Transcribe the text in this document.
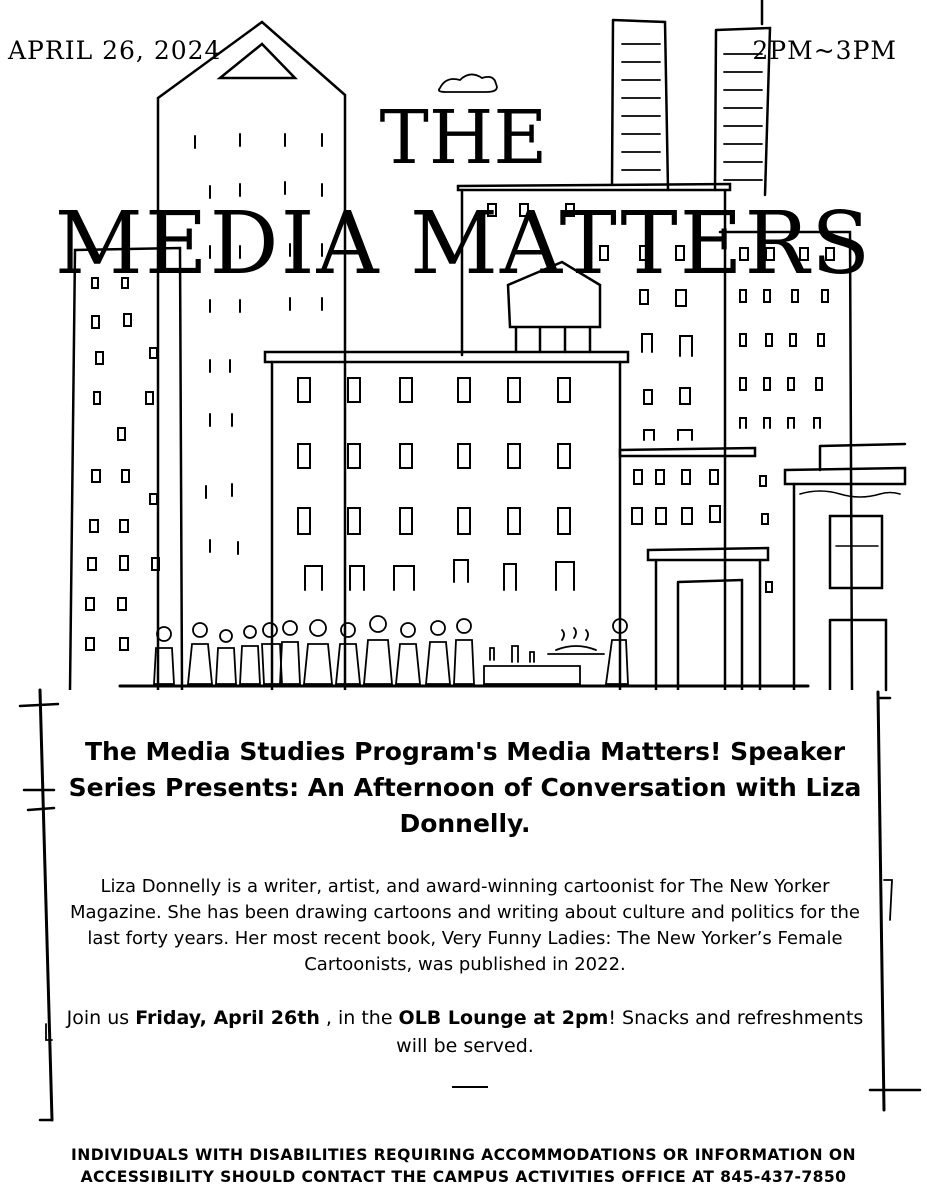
APRIL 26, 2024	2PM~3PM
THE
MEDIA MATTERS
The Media Studies Program's Media Matters! Speaker Series Presents: An Afternoon of Conversation with Liza Donnelly.
Liza Donnelly is a writer, artist, and award-winning cartoonist for The New Yorker Magazine. She has been drawing cartoons and writing about culture and politics for the last forty years. Her most recent book, Very Funny Ladies: The New Yorker’s Female Cartoonists, was published in 2022.
Join us Friday, April 26th , in the OLB Lounge at 2pm! Snacks and refreshments will be served.
INDIVIDUALS WITH DISABILITIES REQUIRING ACCOMMODATIONS OR INFORMATION ON
ACCESSIBILITY SHOULD CONTACT THE CAMPUS ACTIVITIES OFFICE AT 845-437-7850
